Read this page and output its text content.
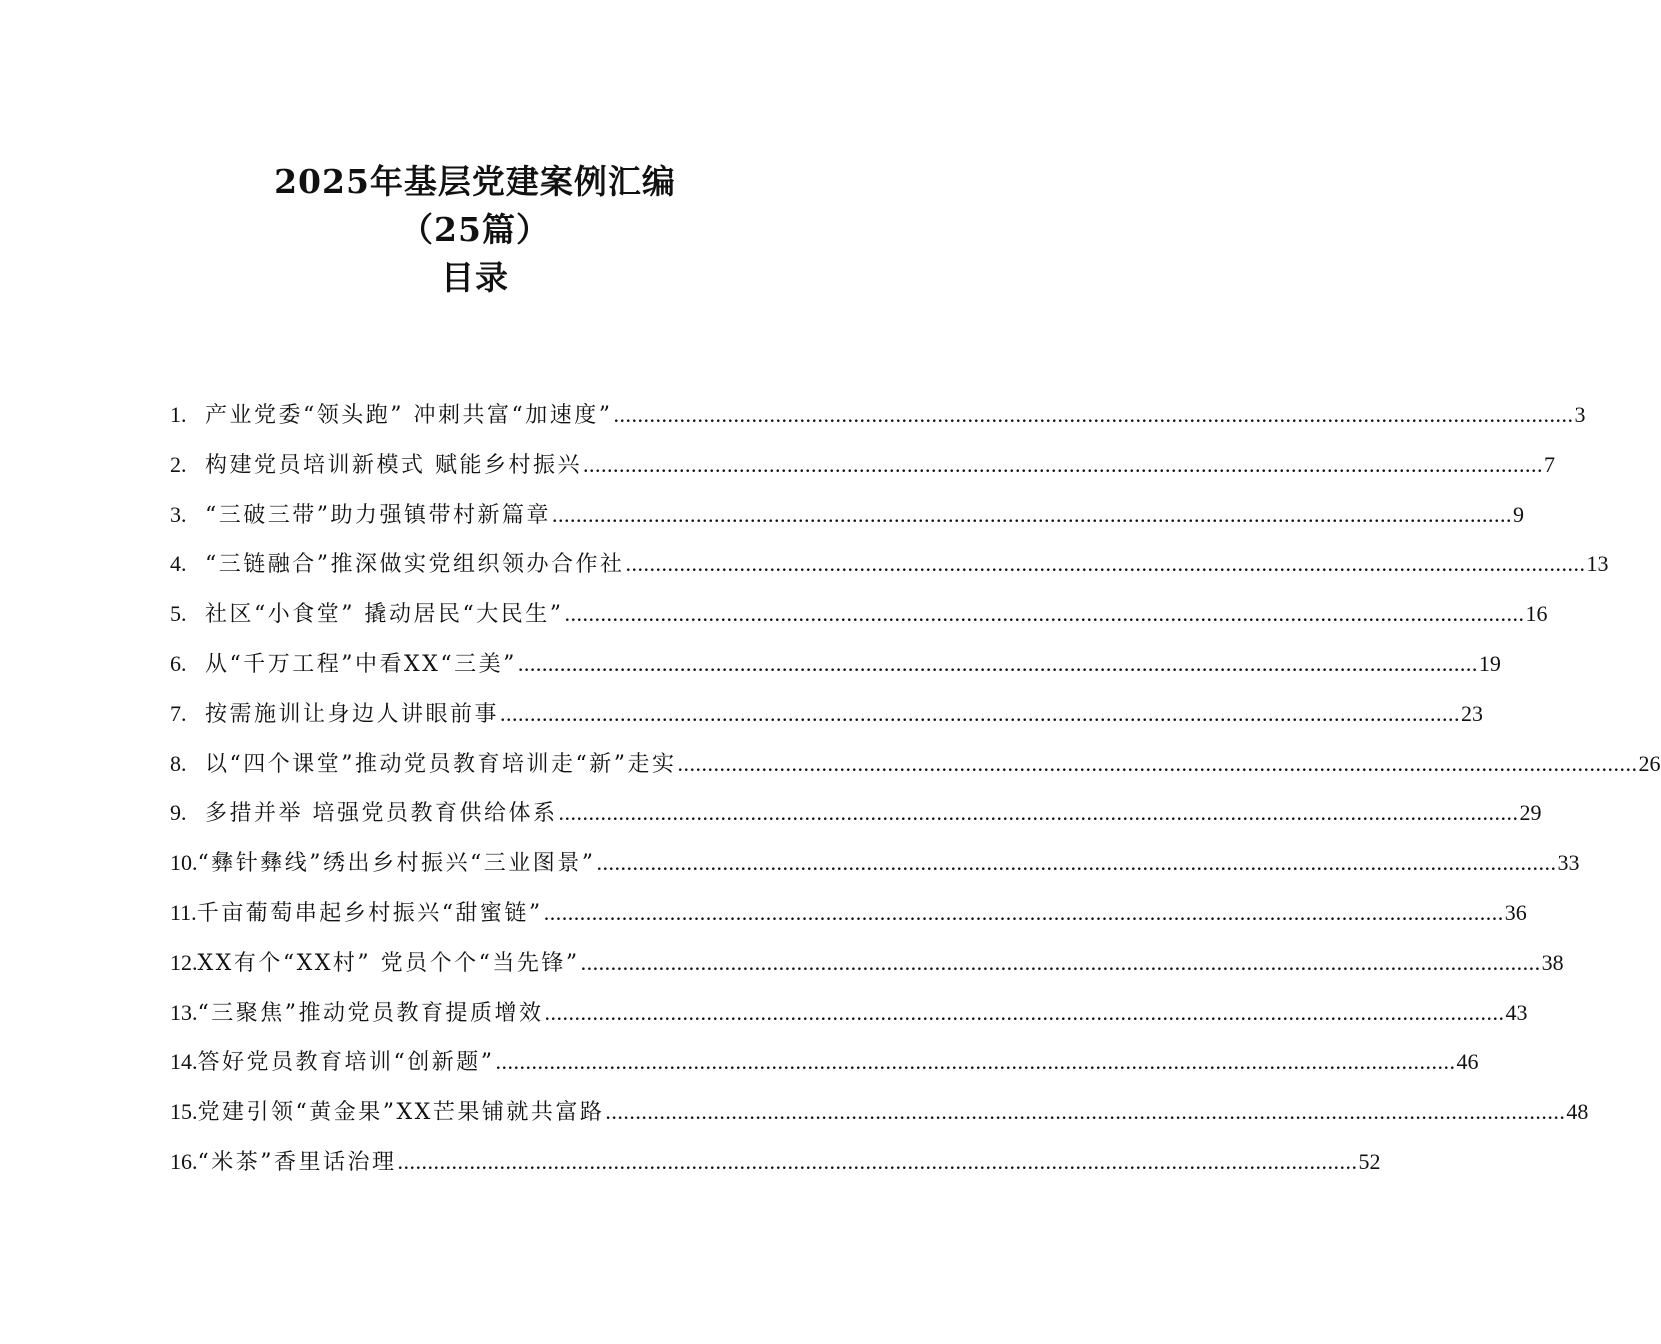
2025年基层党建案例汇编
（25篇）
目录
1. 产业党委“领头跑” 冲刺共富“加速度” .....	3
2. 构建党员培训新模式 赋能乡村振兴 .....	7
3. “三破三带”助力强镇带村新篇章 .....	9
4. “三链融合”推深做实党组织领办合作社 .....	13
5. 社区“小食堂” 撬动居民“大民生” .....	16
6. 从“千万工程”中看XX“三美” .....	19
7. 按需施训让身边人讲眼前事 .....	23
8. 以“四个课堂”推动党员教育培训走“新”走实 .....	26
9. 多措并举 培强党员教育供给体系 .....	29
10. “彝针彝线”绣出乡村振兴“三业图景” .....	33
11. 千亩葡萄串起乡村振兴“甜蜜链” .....	36
12. XX有个“XX村” 党员个个“当先锋” .....	38
13. “三聚焦”推动党员教育提质增效 .....	43
14. 答好党员教育培训“创新题” .....	46
15. 党建引领“黄金果”XX芒果铺就共富路 .....	48
16. “米茶”香里话治理 .....	52
